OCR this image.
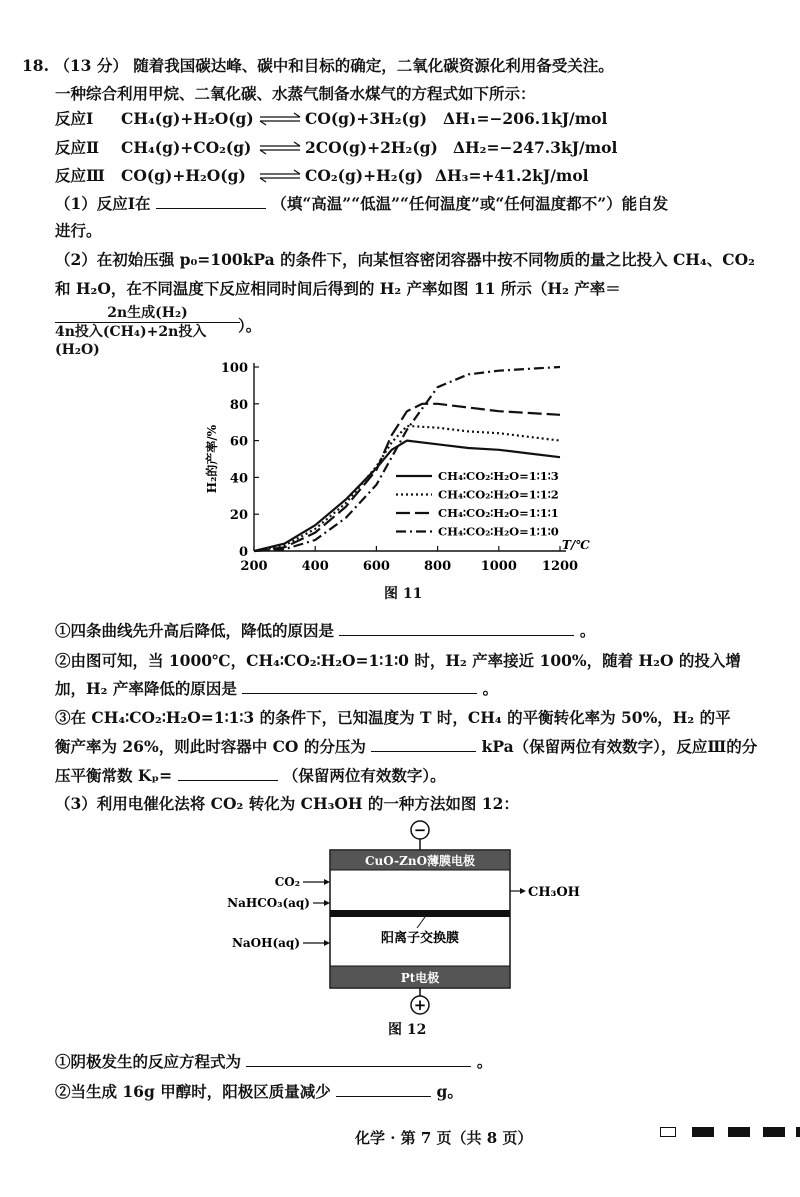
18. （13 分） 随着我国碳达峰、碳中和目标的确定，二氧化碳资源化利用备受关注。
一种综合利用甲烷、二氧化碳、水蒸气制备水煤气的方程式如下所示：
反应Ⅰ CH₄(g)+H₂O(g) ⇌ CO(g)+3H₂(g) ΔH₁=−206.1kJ/mol
反应Ⅱ CH₄(g)+CO₂(g) ⇌ 2CO(g)+2H₂(g) ΔH₂=−247.3kJ/mol
反应Ⅲ CO(g)+H₂O(g) ⇌ CO₂(g)+H₂(g) ΔH₃=+41.2kJ/mol
（1）反应Ⅰ在	（填“高温”“低温”“任何温度”或“任何温度都不”）能自发
进行。
（2）在初始压强 p₀=100kPa 的条件下，向某恒容密闭容器中按不同物质的量之比投入 CH₄、CO₂
和 H₂O，在不同温度下反应相同时间后得到的 H₂ 产率如图 11 所示（H₂ 产率＝
2n生成(H₂)
4n投入(CH₄)+2n投入(H₂O)
）。
0
20
40
60
80
100
200	400	600	800 1000 1200
T/℃
H₂的产率/%	CH₄∶CO₂∶H₂O=1∶1∶3
CH₄∶CO₂∶H₂O=1∶1∶2
CH₄∶CO₂∶H₂O=1∶1∶1
CH₄∶CO₂∶H₂O=1∶1∶0
图 11
①四条曲线先升高后降低，降低的原因是	。
②由图可知，当 1000℃，CH₄∶CO₂∶H₂O=1∶1∶0 时，H₂ 产率接近 100%，随着 H₂O 的投入增
加，H₂ 产率降低的原因是	。
③在 CH₄∶CO₂∶H₂O=1∶1∶3 的条件下，已知温度为 T 时，CH₄ 的平衡转化率为 50%，H₂ 的平
衡产率为 26%，则此时容器中 CO 的分压为	kPa（保留两位有效数字），反应Ⅲ的分
压平衡常数 Kₚ=	（保留两位有效数字）。
（3）利用电催化法将 CO₂ 转化为 CH₃OH 的一种方法如图 12：
−
CuO-ZnO薄膜电极
阳离子交换膜
Pt电极
CO₂
NaHCO₃(aq)
NaOH(aq)
CH₃OH
+
图 12
①阴极发生的反应方程式为	。
②当生成 16g 甲醇时，阳极区质量减少	g。
化学 · 第 7 页（共 8 页）
